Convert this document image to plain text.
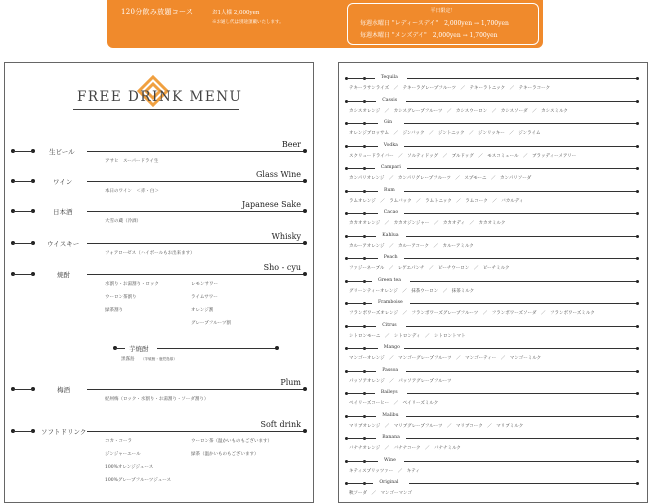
120分飲み放題コース	お1人様 2,000yen
※お通し代は別途頂戴いたします。
平日限定！
毎週水曜日 "レディースデイ"　2,000yen → 1,700yen
毎週木曜日 "メンズデイ"　2,000yen → 1,700yen
FREE DRINK MENU
生ビール
Beer
アサヒ　スーパードライ生
ワイン
Glass Wine
本日のワイン　＜赤・白＞
日本酒
Japanese Sake
大雪の蔵（冷酒）
ウイスキー
Whisky
フォアローゼス（ハイボールもお出来ます）
焼酎
Sho - cyu
水割り・お湯割り・ロック
ウーロン茶割り
緑茶割り
レモンサワー
ライムサワー
オレンジ割
グレープフルーツ割
芋焼酎
黒霧島 （芋焼酎・鹿児島県）
梅酒
Plum
紀州梅（ロック・水割り・お湯割り・ソーダ割り）
ソフトドリンク
Soft drink
コカ・コーラ
ジンジャーエール
100%オレンジジュース
100%グレープフルーツジュース
ウーロン茶（温かいものもございます）
緑茶（温かいものもございます）
Tequila
テキーラサンライズ　／　テキーラグレープフルーツ　／　テキーラトニック　／　テキーラコーク
Cassis
カシスオレンジ　／　カシスグレープフルーツ　／　カシスウーロン　／　カシスソーダ　／　カシスミルク
Gin
オレンジブロッサム　／　ジンバック　／　ジントニック　／　ジンリッキー　／　ジンライム
Vodka
スクリュードライバー　／　ソルティドッグ　／　ブルドッグ　／　モスコミュール　／　ブラッディーメアリー
Campari
カンパリオレンジ　／　カンパリグレープフルーツ　／　スプモーニ　／　カンパリソーダ
Rum
ラムオレンジ　／　ラムバック　／　ラムトニック　／　ラムコーク　／　バカルディ
Cacao
カカオオレンジ　／　カカオジンジャー　／　カカオディ　／　カカオミルク
Kahlua
カルーアオレンジ　／　カルーアコーク　／　カルーアミルク
Peach
ファジーネーブル　／　レゲエパンチ　／　ピーチウーロン　／　ピーチミルク
Green tea
グリーンティーオレンジ　／　抹茶ウーロン　／　抹茶ミルク
Framboise
フランボワーズオレンジ　／　フランボワーズグレープフルーツ　／　フランボワーズソーダ　／　フランボワーズミルク
Citrus
シトロンモーニ　／　シトロンディ　／　シトロントマト
Mango
マンゴーオレンジ　／　マンゴーグレープフルーツ　／　マンゴーティー　／　マンゴーミルク
Passoa
パッソアオレンジ　／　パッソアグレープフルーツ
Baileys
ベイリーズコーヒー　／　ベイリーズミルク
Malibu
マリブオレンジ　／　マリブグレープフルーツ　／　マリブコーク　／　マリブミルク
Banana
バナナオレンジ　／　バナナコーク　／　バナナミルク
Wine
キティスプリッツァー　／　キティ
Original
秋ソーダ　／　マンゴーマンゴ
